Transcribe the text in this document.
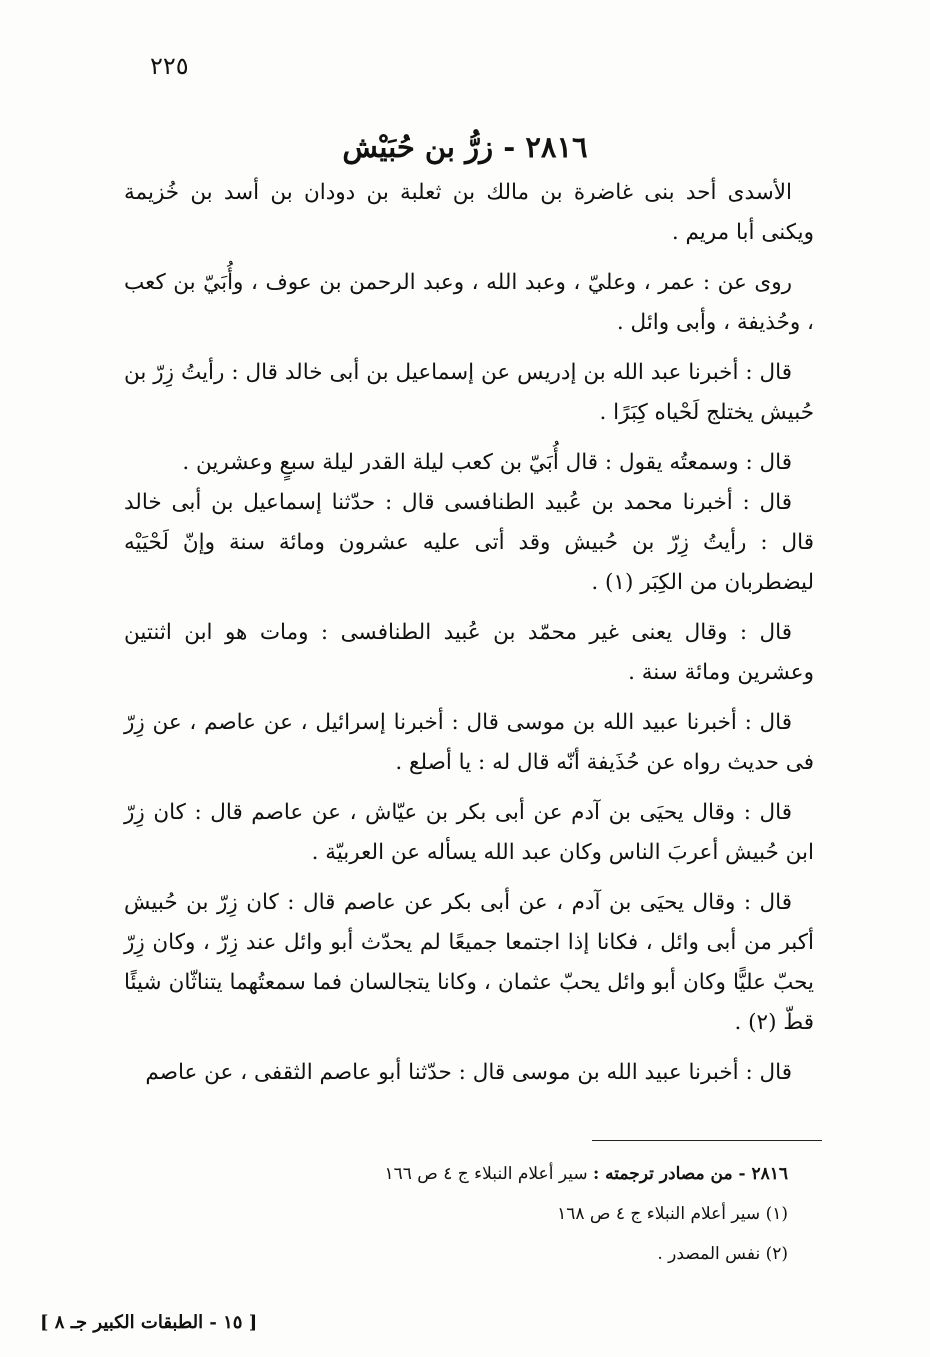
٢٢٥
٢٨١٦ - زرُّ بن حُبَيْش

الأسدى أحد بنى غاضرة بن مالك بن ثعلبة بن دودان بن أسد بن خُزيمة ويكنى أبا مريم .

روى عن : عمر ، وعليّ ، وعبد الله ، وعبد الرحمن بن عوف ، وأُبَيّ بن كعب ، وحُذيفة ، وأبى وائل .

قال : أخبرنا عبد الله بن إدريس عن إسماعيل بن أبى خالد قال : رأيتُ زِرّ بن حُبيش يختلج لَحْياه كِبَرًا .

قال : وسمعتُه يقول : قال أُبَيّ بن كعب ليلة القدر ليلة سبعٍ وعشرين .

قال : أخبرنا محمد بن عُبيد الطنافسى قال : حدّثنا إسماعيل بن أبى خالد قال : رأيتُ زِرّ بن حُبيش وقد أتى عليه عشرون ومائة سنة وإنّ لَحْيَيْه ليضطربان من الكِبَر (١) .

قال : وقال يعنى غير محمّد بن عُبيد الطنافسى : ومات هو ابن اثنتين وعشرين ومائة سنة .

قال : أخبرنا عبيد الله بن موسى قال : أخبرنا إسرائيل ، عن عاصم ، عن زِرّ فى حديث رواه عن حُذَيفة أنّه قال له : يا أصلع .

قال : وقال يحيَى بن آدم عن أبى بكر بن عيّاش ، عن عاصم قال : كان زِرّ ابن حُبيش أعربَ الناس وكان عبد الله يسأله عن العربيّة .

قال : وقال يحيَى بن آدم ، عن أبى بكر عن عاصم قال : كان زِرّ بن حُبيش أكبر من أبى وائل ، فكانا إذا اجتمعا جميعًا لم يحدّث أبو وائل عند زِرّ ، وكان زِرّ يحبّ عليًّا وكان أبو وائل يحبّ عثمان ، وكانا يتجالسان فما سمعتُهما يتناثّان شيئًا قطّ (٢) .

قال : أخبرنا عبيد الله بن موسى قال : حدّثنا أبو عاصم الثقفى ، عن عاصم

٢٨١٦ - من مصادر ترجمته : سير أعلام النبلاء ج ٤ ص ١٦٦
(١) سير أعلام النبلاء ج ٤ ص ١٦٨
(٢) نفس المصدر .
[ ١٥ - الطبقات الكبير جـ ٨ ]
